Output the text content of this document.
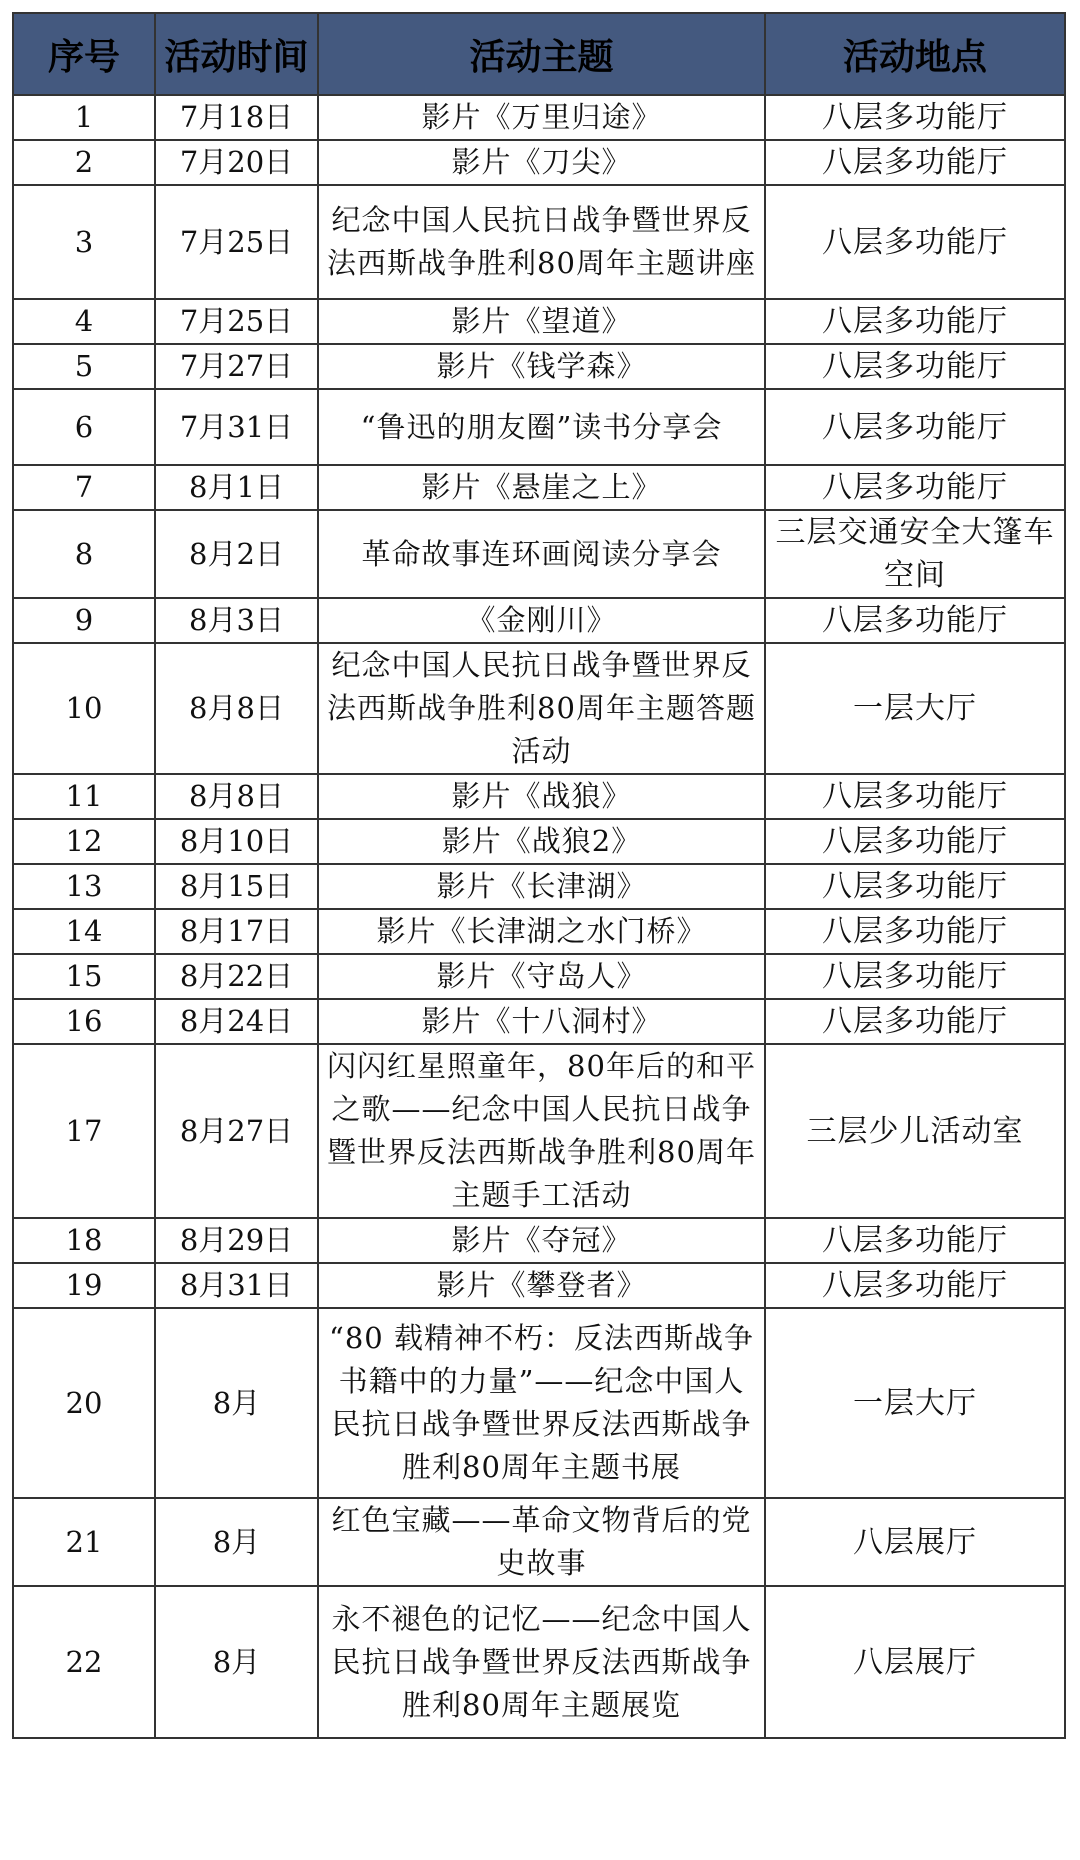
序号	活动时间	活动主题	活动地点
1	7月18日	影片《万里归途》	八层多功能厅
2	7月20日	影片《刀尖》	八层多功能厅
3	7月25日	纪念中国人民抗日战争暨世界反法西斯战争胜利80周年主题讲座	八层多功能厅
4	7月25日	影片《望道》	八层多功能厅
5	7月27日	影片《钱学森》	八层多功能厅
6	7月31日	“鲁迅的朋友圈”读书分享会	八层多功能厅
7	8月1日	影片《悬崖之上》	八层多功能厅
8	8月2日	革命故事连环画阅读分享会	三层交通安全大篷车空间
9	8月3日	《金刚川》	八层多功能厅
10	8月8日	纪念中国人民抗日战争暨世界反法西斯战争胜利80周年主题答题活动	一层大厅
11	8月8日	影片《战狼》	八层多功能厅
12	8月10日	影片《战狼2》	八层多功能厅
13	8月15日	影片《长津湖》	八层多功能厅
14	8月17日	影片《长津湖之水门桥》	八层多功能厅
15	8月22日	影片《守岛人》	八层多功能厅
16	8月24日	影片《十八洞村》	八层多功能厅
17	8月27日	闪闪红星照童年，80年后的和平之歌——纪念中国人民抗日战争暨世界反法西斯战争胜利80周年主题手工活动	三层少儿活动室
18	8月29日	影片《夺冠》	八层多功能厅
19	8月31日	影片《攀登者》	八层多功能厅
20	8月	“80 载精神不朽：反法西斯战争书籍中的力量”——纪念中国人民抗日战争暨世界反法西斯战争胜利80周年主题书展	一层大厅
21	8月	红色宝藏——革命文物背后的党史故事	八层展厅
22	8月	永不褪色的记忆——纪念中国人民抗日战争暨世界反法西斯战争胜利80周年主题展览	八层展厅
